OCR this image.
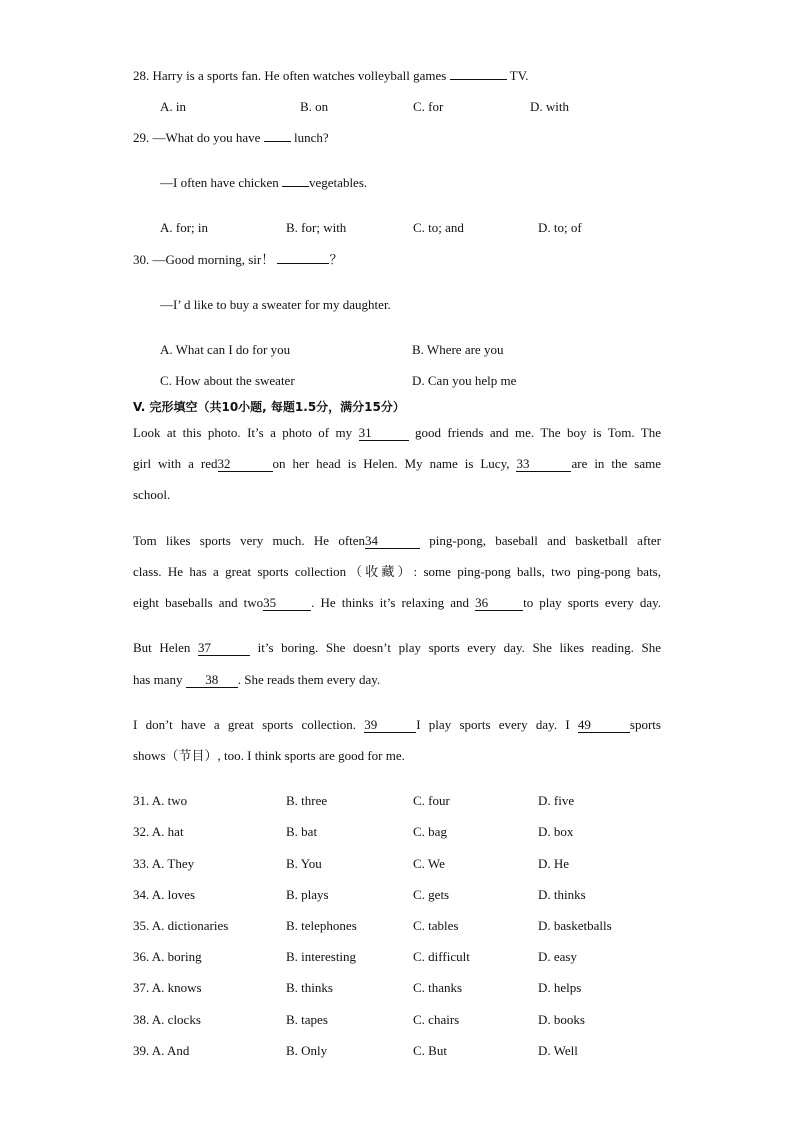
28. Harry is a sports fan. He often watches volleyball games	TV.
A. in	B. on	C. for	D. with
29. —What do you have  lunch?
—I often have chicken vegetables.
A. for; in	B. for; with	C. to; and	D. to; of
30. —Good morning, sir！	？
—I’ d like to buy a sweater for my daughter.
A. What can I do for you	B. Where are you
C. How about the sweater	D. Can you help me
V. 完形填空（共10小题, 每题1.5分，满分15分）
Look at this photo. It’s a photo of my 31	good friends and me. The boy is Tom. The
girl with a red32	on her head is Helen. My name is Lucy, 33	are in the same
school.
Tom likes sports very much. He often34	ping-pong, baseball and basketball after
class. He has a great sports collection（收藏）: some ping-pong balls, two ping-pong bats,
eight baseballs and two35	. He thinks it’s relaxing and 36	to play sports every day.
But Helen 37	it’s boring. She doesn’t play sports every day. She likes reading. She
has many 38 . She reads them every day.
I don’t have a great sports collection. 39	I play sports every day. I 49	sports
shows（节目）, too. I think sports are good for me.
31. A. two	B. three	C. four	D. five
32. A. hat	B. bat	C. bag	D. box
33. A. They	B. You	C. We	D. He
34. A. loves	B. plays	C. gets	D. thinks
35. A. dictionaries	B. telephones	C. tables	D. basketballs
36. A. boring	B. interesting	C. difficult	D. easy
37. A. knows	B. thinks	C. thanks	D. helps
38. A. clocks	B. tapes	C. chairs	D. books
39. A. And	B. Only	C. But	D. Well
